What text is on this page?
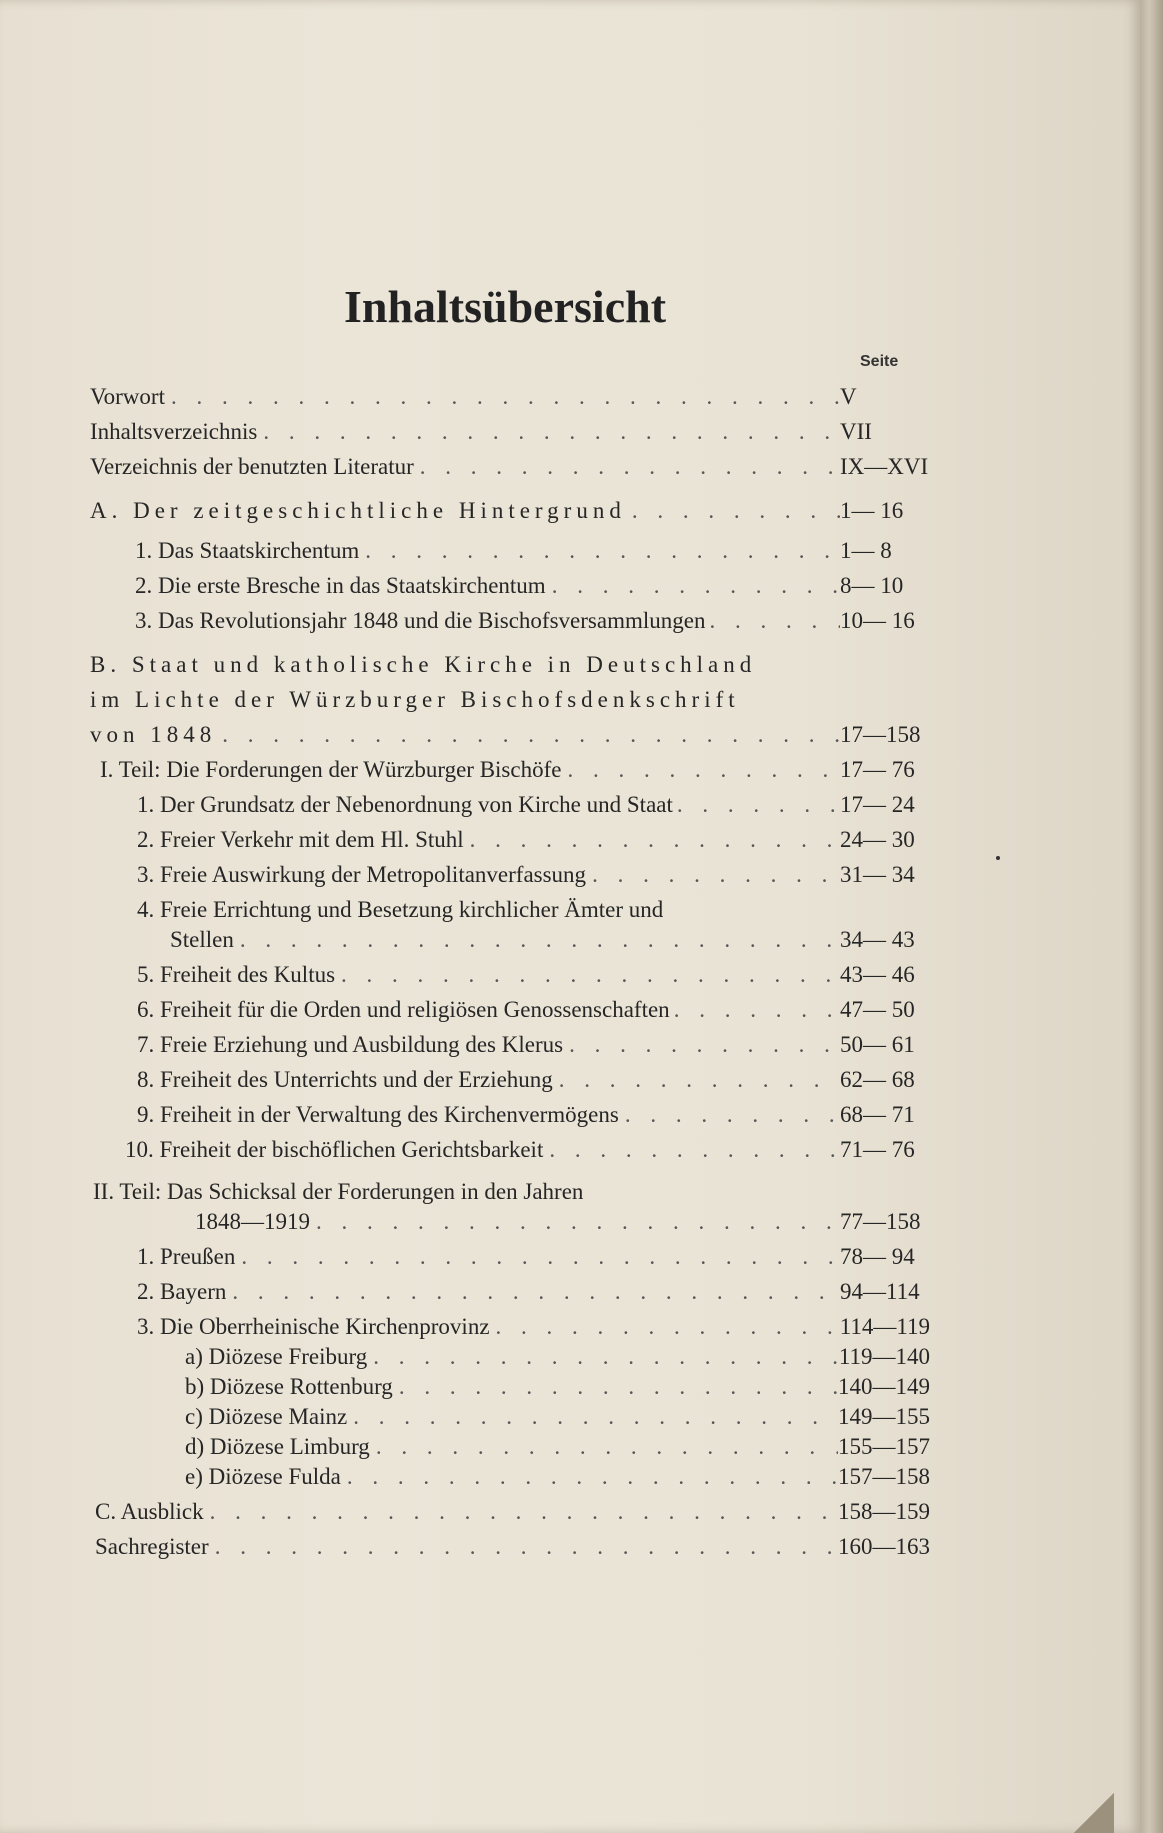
Inhaltsübersicht
Seite
Vorwort . . .	V
Inhaltsverzeichnis . . .	VII
Verzeichnis der benutzten Literatur . . .	IX—XVI
A. Der zeitgeschichtliche Hintergrund . . .	1— 16
1. Das Staatskirchentum . . .	1— 8
2. Die erste Bresche in das Staatskirchentum . . .	8— 10
3. Das Revolutionsjahr 1848 und die Bischofsversammlungen . . .	10— 16
B. Staat und katholische Kirche in Deutschland
im Lichte der Würzburger Bischofsdenkschrift
von 1848 . . .	17—158
I. Teil: Die Forderungen der Würzburger Bischöfe . . .	17— 76
1. Der Grundsatz der Nebenordnung von Kirche und Staat . . .	17— 24
2. Freier Verkehr mit dem Hl. Stuhl . . .	24— 30
3. Freie Auswirkung der Metropolitanverfassung . . .	31— 34
4. Freie Errichtung und Besetzung kirchlicher Ämter und
Stellen . . .	34— 43
5. Freiheit des Kultus . . .	43— 46
6. Freiheit für die Orden und religiösen Genossenschaften . . .	47— 50
7. Freie Erziehung und Ausbildung des Klerus . . .	50— 61
8. Freiheit des Unterrichts und der Erziehung . . .	62— 68
9. Freiheit in der Verwaltung des Kirchenvermögens . . .	68— 71
10. Freiheit der bischöflichen Gerichtsbarkeit . . .	71— 76
II. Teil: Das Schicksal der Forderungen in den Jahren
1848—1919 . . .	77—158
1. Preußen . . .	78— 94
2. Bayern . . .	94—114
3. Die Oberrheinische Kirchenprovinz . . .	114—119
a) Diözese Freiburg . . .	119—140
b) Diözese Rottenburg . . .	140—149
c) Diözese Mainz . . .	149—155
d) Diözese Limburg . . .	155—157
e) Diözese Fulda . . .	157—158
C. Ausblick . . .	158—159
Sachregister . . .	160—163
